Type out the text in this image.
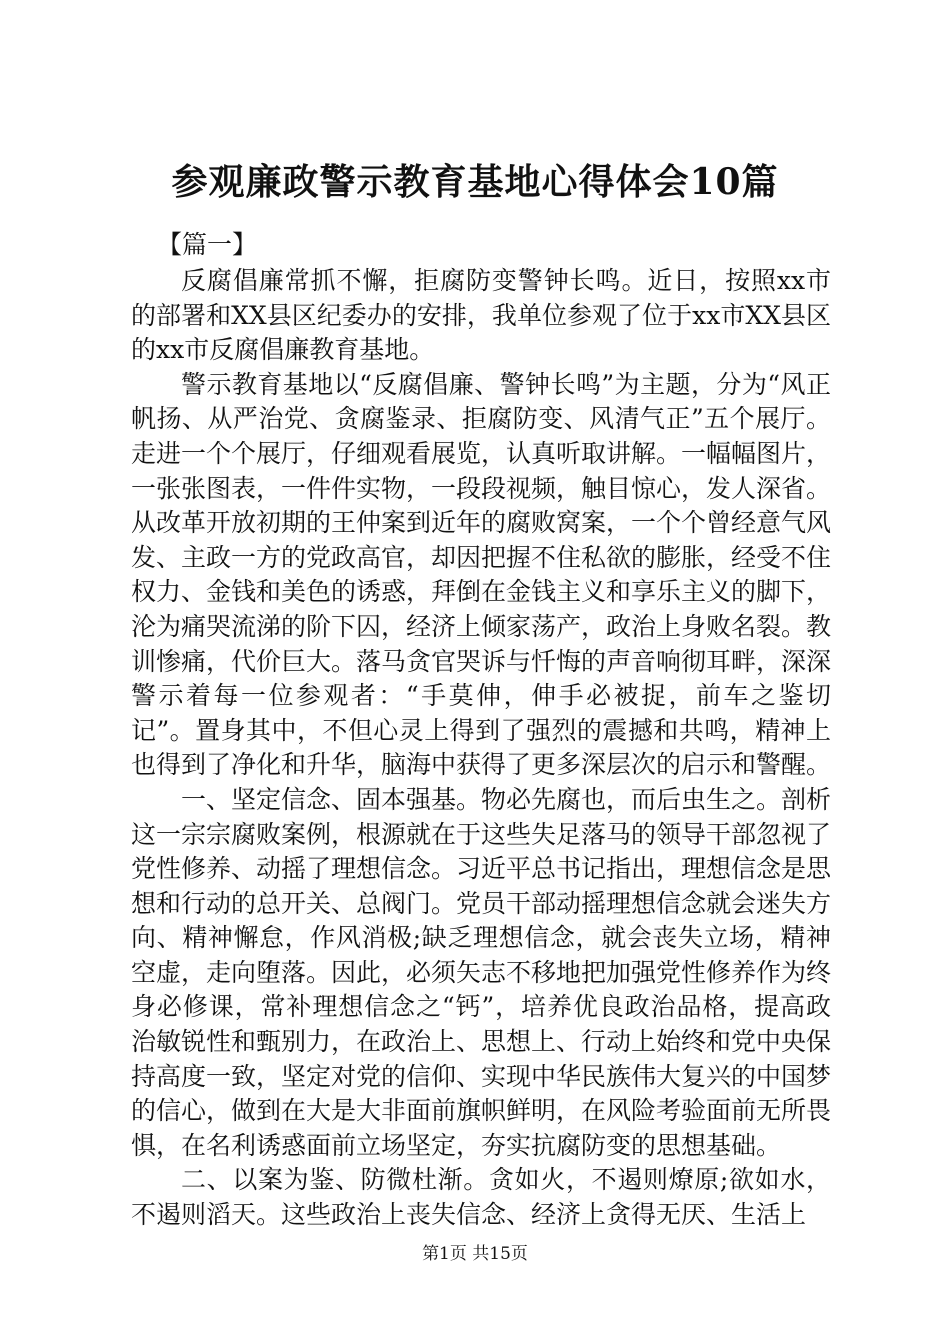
参观廉政警示教育基地心得体会10篇

【篇一】

反腐倡廉常抓不懈，拒腐防变警钟长鸣。近日，按照xx市的部署和XX县区纪委办的安排，我单位参观了位于xx市XX县区的xx市反腐倡廉教育基地。

警示教育基地以“反腐倡廉、警钟长鸣”为主题，分为“风正帆扬、从严治党、贪腐鉴录、拒腐防变、风清气正”五个展厅。走进一个个展厅，仔细观看展览，认真听取讲解。一幅幅图片，一张张图表，一件件实物，一段段视频，触目惊心，发人深省。从改革开放初期的王仲案到近年的腐败窝案，一个个曾经意气风发、主政一方的党政高官，却因把握不住私欲的膨胀，经受不住权力、金钱和美色的诱惑，拜倒在金钱主义和享乐主义的脚下，沦为痛哭流涕的阶下囚，经济上倾家荡产，政治上身败名裂。教训惨痛，代价巨大。落马贪官哭诉与忏悔的声音响彻耳畔，深深警示着每一位参观者：“手莫伸，伸手必被捉，前车之鉴切记”。置身其中，不但心灵上得到了强烈的震撼和共鸣，精神上也得到了净化和升华，脑海中获得了更多深层次的启示和警醒。

一、坚定信念、固本强基。物必先腐也，而后虫生之。剖析这一宗宗腐败案例，根源就在于这些失足落马的领导干部忽视了党性修养、动摇了理想信念。习近平总书记指出，理想信念是思想和行动的总开关、总阀门。党员干部动摇理想信念就会迷失方向、精神懈怠，作风消极;缺乏理想信念，就会丧失立场，精神空虚，走向堕落。因此，必须矢志不移地把加强党性修养作为终身必修课，常补理想信念之“钙”，培养优良政治品格，提高政治敏锐性和甄别力，在政治上、思想上、行动上始终和党中央保持高度一致，坚定对党的信仰、实现中华民族伟大复兴的中国梦的信心，做到在大是大非面前旗帜鲜明，在风险考验面前无所畏惧，在名利诱惑面前立场坚定，夯实抗腐防变的思想基础。

二、以案为鉴、防微杜渐。贪如火，不遏则燎原;欲如水，不遏则滔天。这些政治上丧失信念、经济上贪得无厌、生活上

第1页 共15页
